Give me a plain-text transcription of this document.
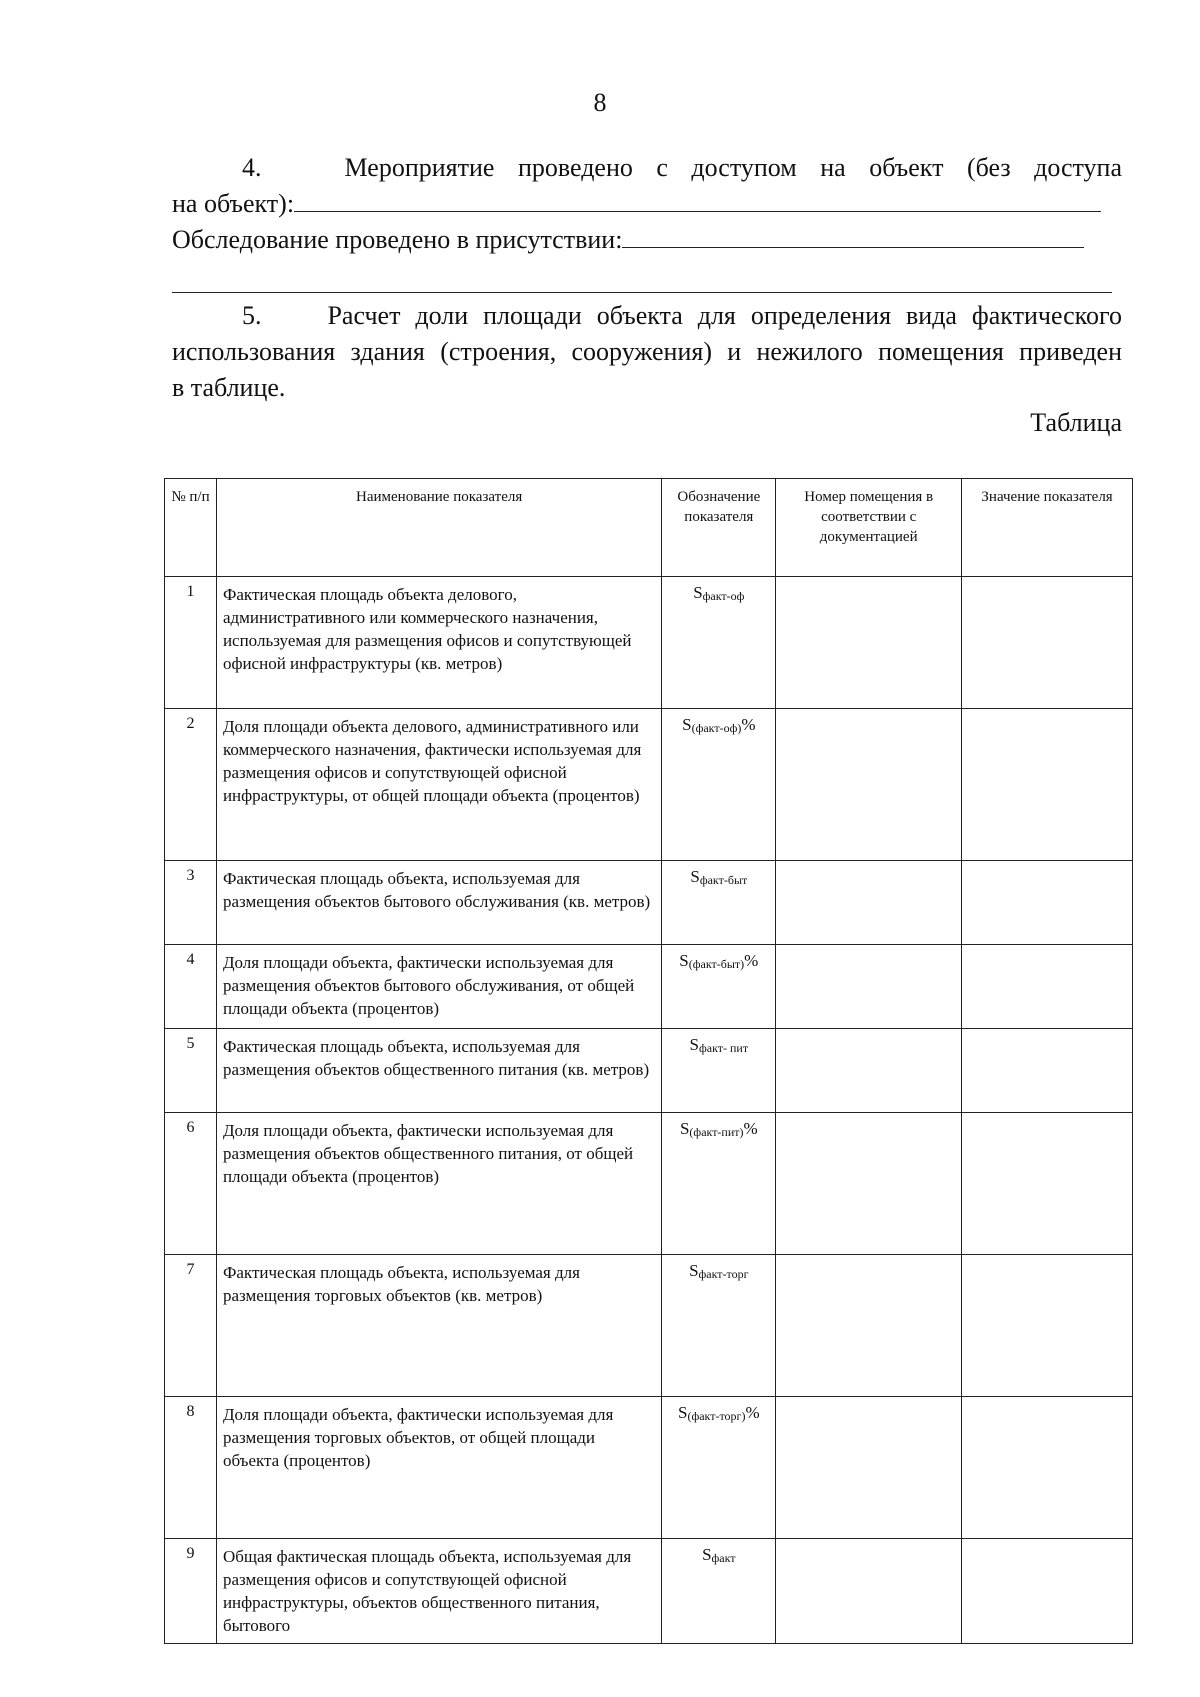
8
4.	Мероприятие проведено с доступом на объект (без доступа
на объект):
Обследование проведено в присутствии:
5.	Расчет доли площади объекта для определения вида фактического
использования здания (строения, сооружения) и нежилого помещения приведен
в таблице.
Таблица
№ п/п	Наименование показателя	Обозначение показателя	Номер помещения в соответствии с документацией	Значение показателя
1	Фактическая площадь объекта делового, административного или коммерческого назначения, используемая для размещения офисов и сопутствующей офисной инфраструктуры (кв. метров)	$S_{факт-оф}$		
2	Доля площади объекта делового, административного или коммерческого назначения, фактически используемая для размещения офисов и сопутствующей офисной инфраструктуры, от общей площади объекта (процентов)	$S_{(факт-оф)}\%$		
3	Фактическая площадь объекта, используемая для размещения объектов бытового обслуживания (кв. метров)	$S_{факт-быт}$		
4	Доля площади объекта, фактически используемая для размещения объектов бытового обслуживания, от общей площади объекта (процентов)	$S_{(факт-быт)}\%$		
5	Фактическая площадь объекта, используемая для размещения объектов общественного питания (кв. метров)	$S_{факт- пит}$		
6	Доля площади объекта, фактически используемая для размещения объектов общественного питания, от общей площади объекта (процентов)	$S_{(факт-пит)}\%$		
7	Фактическая площадь объекта, используемая для размещения торговых объектов (кв. метров)	$S_{факт-торг}$		
8	Доля площади объекта, фактически используемая для размещения торговых объектов, от общей площади объекта (процентов)	$S_{(факт-торг)}\%$		
9	Общая фактическая площадь объекта, используемая для размещения офисов и сопутствующей офисной инфраструктуры, объектов общественного питания, бытового	$S_{факт}$		
